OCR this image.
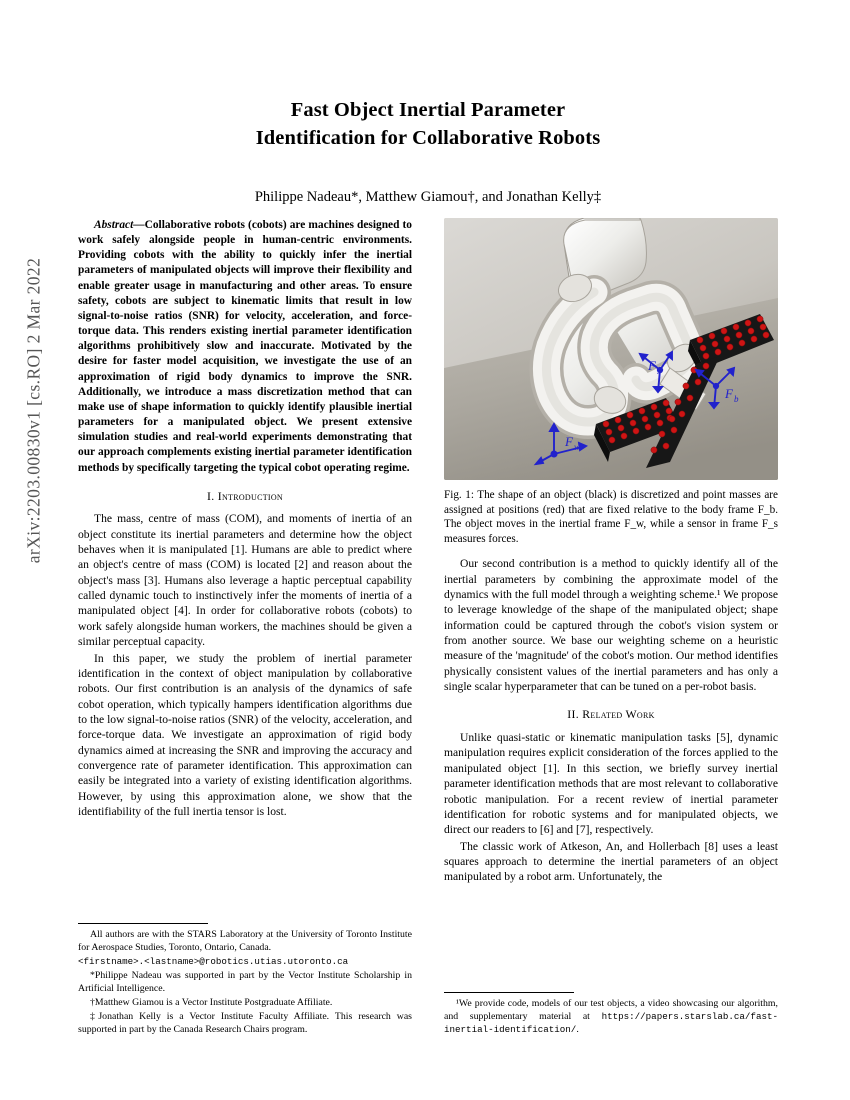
arXiv:2203.00830v1 [cs.RO] 2 Mar 2022
Fast Object Inertial Parameter
Identification for Collaborative Robots
Philippe Nadeau*, Matthew Giamou†, and Jonathan Kelly‡
Abstract—Collaborative robots (cobots) are machines designed to work safely alongside people in human-centric environments. Providing cobots with the ability to quickly infer the inertial parameters of manipulated objects will improve their flexibility and enable greater usage in manufacturing and other areas. To ensure safety, cobots are subject to kinematic limits that result in low signal-to-noise ratios (SNR) for velocity, acceleration, and force-torque data. This renders existing inertial parameter identification algorithms prohibitively slow and inaccurate. Motivated by the desire for faster model acquisition, we investigate the use of an approximation of rigid body dynamics to improve the SNR. Additionally, we introduce a mass discretization method that can make use of shape information to quickly identify plausible inertial parameters for a manipulated object. We present extensive simulation studies and real-world experiments demonstrating that our approach complements existing inertial parameter identification methods by specifically targeting the typical cobot operating regime.
I. Introduction

The mass, centre of mass (COM), and moments of inertia of an object constitute its inertial parameters and determine how the object behaves when it is manipulated [1]. Humans are able to predict where an object's centre of mass (COM) is located [2] and reason about the object's mass [3]. Humans also leverage a haptic perceptual capability called dynamic touch to instinctively infer the moments of inertia of a manipulated object [4]. In order for collaborative robots (cobots) to work safely alongside human workers, the machines should be given a similar perceptual capacity.

In this paper, we study the problem of inertial parameter identification in the context of object manipulation by collaborative robots. Our first contribution is an analysis of the dynamics of safe cobot operation, which typically hampers identification algorithms due to the low signal-to-noise ratios (SNR) of the velocity, acceleration, and force-torque data. We investigate an approximation of rigid body dynamics aimed at increasing the SNR and improving the accuracy and convergence rate of parameter identification. This approximation can easily be integrated into a variety of existing identification algorithms. However, by using this approximation alone, we show that the identifiability of the full inertia tensor is lost.

All authors are with the STARS Laboratory at the University of Toronto Institute for Aerospace Studies, Toronto, Ontario, Canada.

<firstname>.<lastname>@robotics.utias.utoronto.ca

*Philippe Nadeau was supported in part by the Vector Institute Scholarship in Artificial Intelligence.

†Matthew Giamou is a Vector Institute Postgraduate Affiliate.

‡Jonathan Kelly is a Vector Institute Faculty Affiliate. This research was supported in part by the Canada Research Chairs program.

F s
F b
F w
Fig. 1: The shape of an object (black) is discretized and point masses are assigned at positions (red) that are fixed relative to the body frame F_b. The object moves in the inertial frame F_w, while a sensor in frame F_s measures forces.

Our second contribution is a method to quickly identify all of the inertial parameters by combining the approximate model of the dynamics with the full model through a weighting scheme.¹ We propose to leverage knowledge of the shape of the manipulated object; shape information could be captured through the cobot's vision system or from another source. We base our weighting scheme on a heuristic measure of the 'magnitude' of the cobot's motion. Our method identifies physically consistent values of the inertial parameters and has only a single scalar hyperparameter that can be tuned on a per-robot basis.

II. Related Work

Unlike quasi-static or kinematic manipulation tasks [5], dynamic manipulation requires explicit consideration of the forces applied to the manipulated object [1]. In this section, we briefly survey inertial parameter identification methods that are most relevant to collaborative robotic manipulation. For a recent review of inertial parameter identification for robotic systems and for manipulated objects, we direct our readers to [6] and [7], respectively.

The classic work of Atkeson, An, and Hollerbach [8] uses a least squares approach to determine the inertial parameters of an object manipulated by a robot arm. Unfortunately, the

¹We provide code, models of our test objects, a video showcasing our algorithm, and supplementary material at https://papers.starslab.ca/fast-inertial-identification/.
